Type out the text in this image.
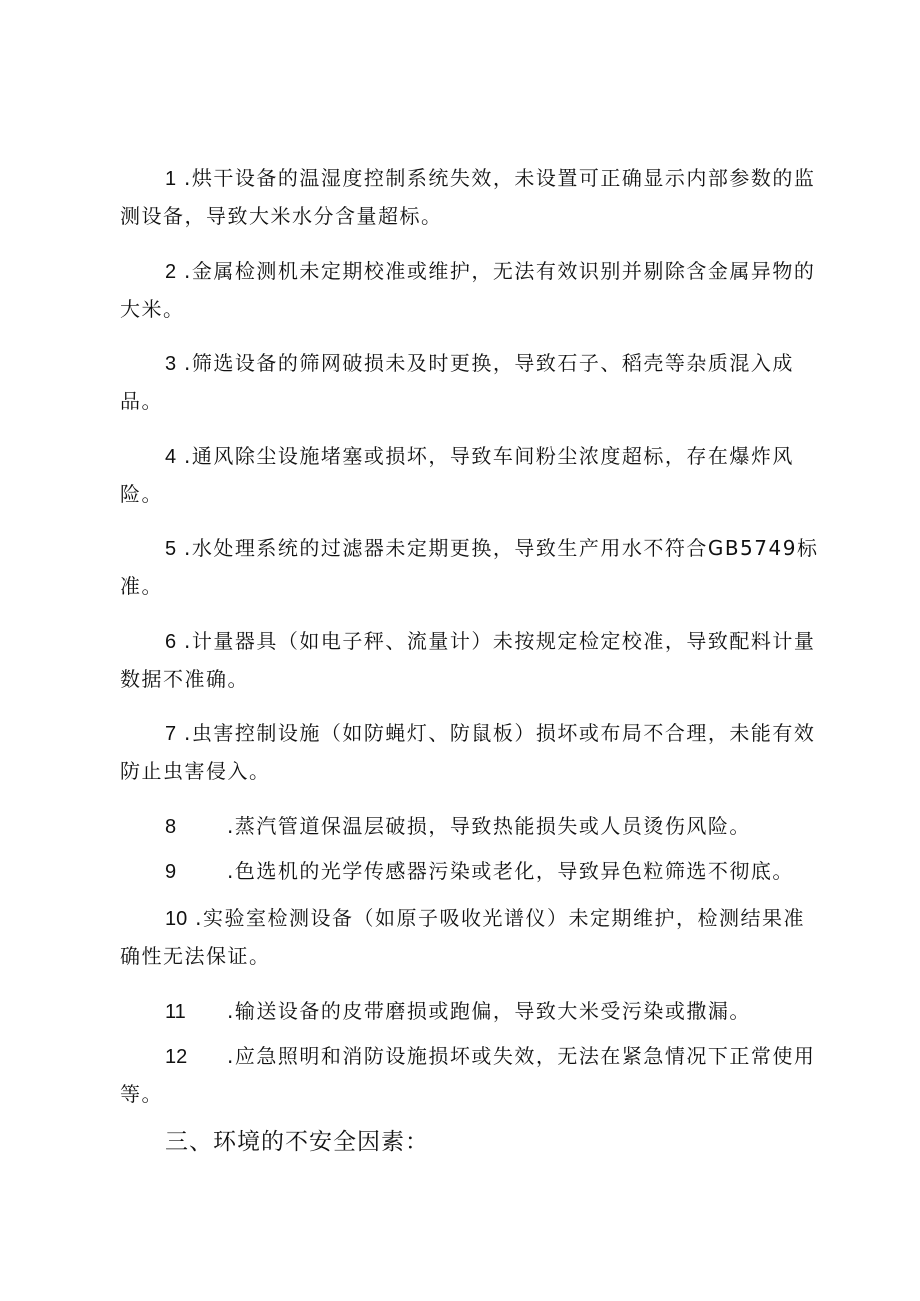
1 .烘干设备的温湿度控制系统失效，未设置可正确显示内部参数的监测设备，导致大米水分含量超标。

2 .金属检测机未定期校准或维护，无法有效识别并剔除含金属异物的大米。

3 .筛选设备的筛网破损未及时更换，导致石子、稻壳等杂质混入成品。

4 .通风除尘设施堵塞或损坏，导致车间粉尘浓度超标，存在爆炸风险。

5 .水处理系统的过滤器未定期更换，导致生产用水不符合GB5749标准。

6 .计量器具（如电子秤、流量计）未按规定检定校准，导致配料计量数据不准确。

7 .虫害控制设施（如防蝇灯、防鼠板）损坏或布局不合理，未能有效防止虫害侵入。

8	.蒸汽管道保温层破损，导致热能损失或人员烫伤风险。

9	.色选机的光学传感器污染或老化，导致异色粒筛选不彻底。

10 .实验室检测设备（如原子吸收光谱仪）未定期维护，检测结果准确性无法保证。

11 .输送设备的皮带磨损或跑偏，导致大米受污染或撒漏。

12 .应急照明和消防设施损坏或失效，无法在紧急情况下正常使用等。

三、环境的不安全因素：
